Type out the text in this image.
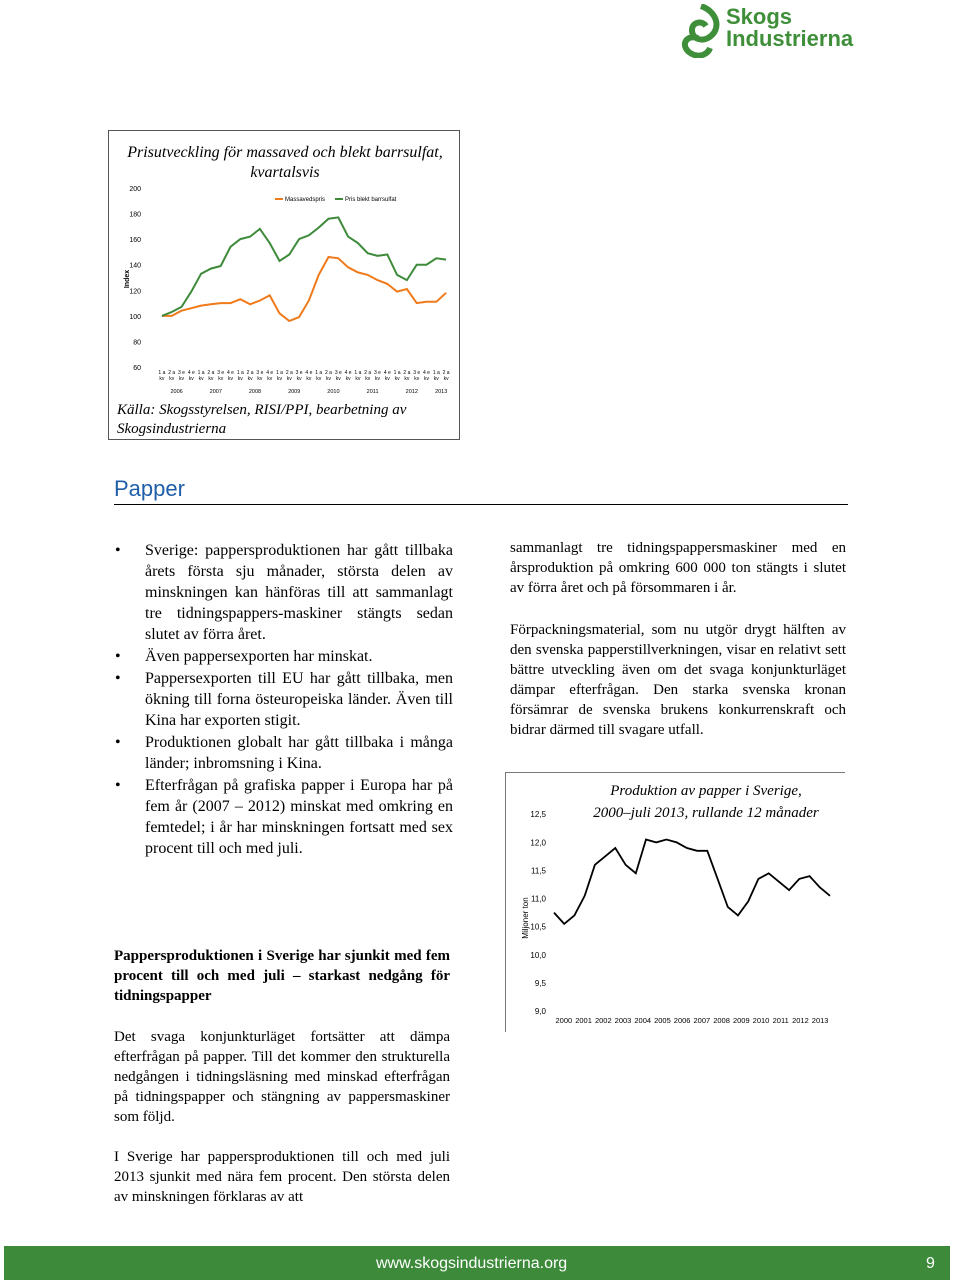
Skogs
Industrierna
60
80
100
120
140
160
180
200
Index
Massavedspris	Pris blekt barrsulfat
1 a
kv
2 a
kv
3 e
kv
4 e
kv
1 a
kv
2 a
kv
3 e
kv
4 e
kv
1 a
kv
2 a
kv
3 e
kv
4 e
kv
1 a
kv
2 a
kv
3 e
kv
4 e
kv
1 a
kv
2 a
kv
3 e
kv
4 e
kv
1 a
kv
2 a
kv
3 e
kv
4 e
kv
1 a
kv
2 a
kv
3 e
kv
4 e
kv
1 a
kv
2 a
kv
2006	2007	2008	2009	2010	2011	2012	2013
Prisutveckling för massaved och blekt barrsulfat, kvartalsvis
Källa: Skogsstyrelsen, RISI/PPI, bearbetning av Skogsindustrierna
Papper
• Sverige: pappersproduktionen har gått tillbaka årets första sju månader, största delen av minskningen kan hänföras till att sammanlagt tre tidningspappers-maskiner stängts sedan slutet av förra året.
• Även pappersexporten har minskat.
• Pappersexporten till EU har gått tillbaka, men ökning till forna östeuropeiska länder. Även till Kina har exporten stigit.
• Produktionen globalt har gått tillbaka i många länder; inbromsning i Kina.
• Efterfrågan på grafiska papper i Europa har på fem år (2007 – 2012) minskat med omkring en femtedel; i år har minskningen fortsatt med sex procent till och med juli.
Pappersproduktionen i Sverige har sjunkit med fem procent till och med juli – starkast nedgång för tidningspapper
Det svaga konjunkturläget fortsätter att dämpa efterfrågan på papper. Till det kommer den strukturella nedgången i tidningsläsning med minskad efterfrågan på tidningspapper och stängning av pappersmaskiner som följd.
I Sverige har pappersproduktionen till och med juli 2013 sjunkit med nära fem procent. Den största delen av minskningen förklaras av att

sammanlagt tre tidningspappersmaskiner med en årsproduktion på omkring 600 000 ton stängts i slutet av förra året och på försommaren i år.

Förpackningsmaterial, som nu utgör drygt hälften av den svenska papperstillverkningen, visar en relativt sett bättre utveckling även om det svaga konjunkturläget dämpar efterfrågan. Den starka svenska kronan försämrar de svenska brukens konkurrenskraft och bidrar därmed till svagare utfall.

Produktion av papper i Sverige,
2000–juli 2013, rullande 12 månader
9,0
9,5
10,0
10,5
11,0
11,5
12,0
12,5
Miljoner ton
2000 2001 2002 2003 2004 2005 2006 2007 2008 2009 2010 2011 2012 2013
www.skogsindustrierna.org	9
